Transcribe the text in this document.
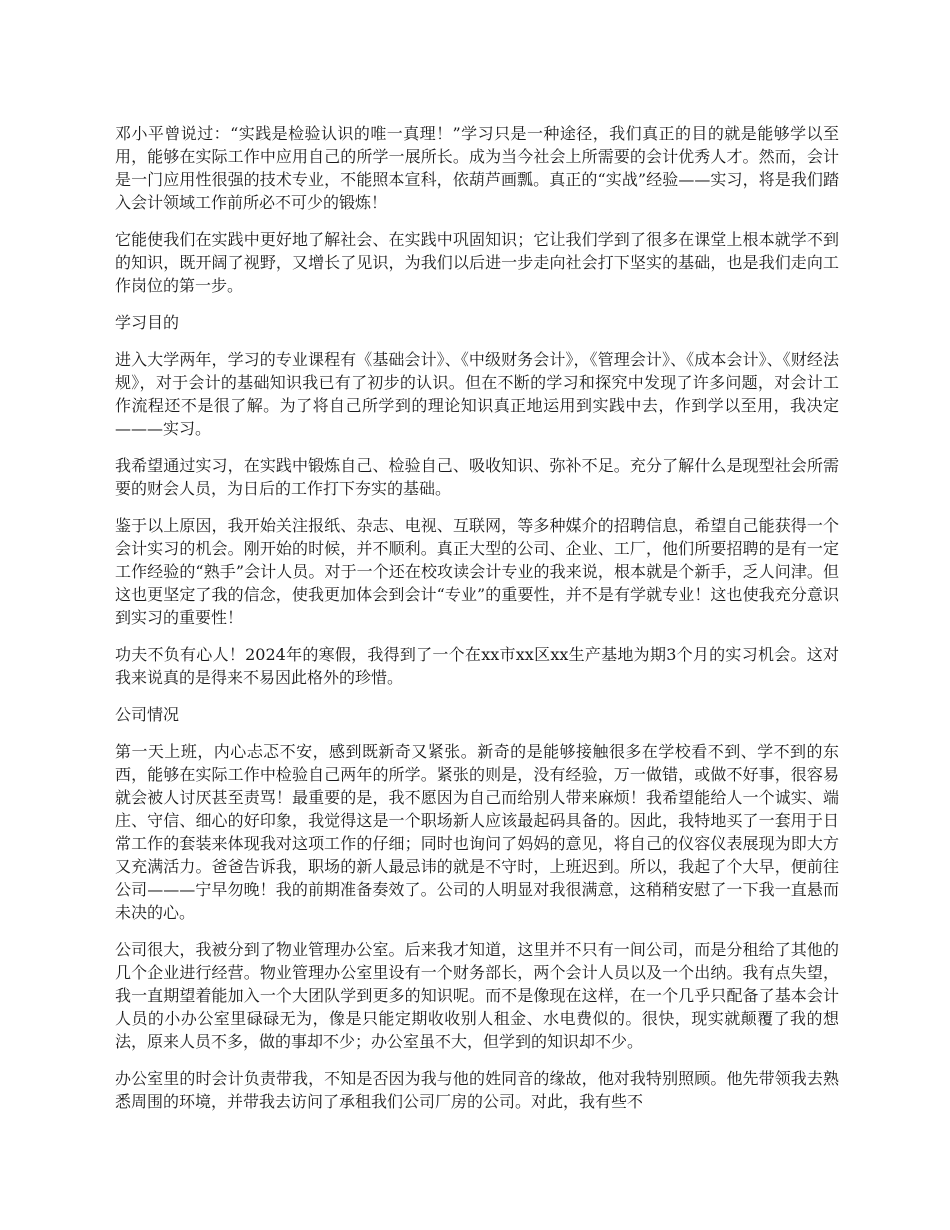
邓小平曾说过：“实践是检验认识的唯一真理！”学习只是一种途径，我们真正的目的就是能够学以至用，能够在实际工作中应用自己的所学一展所长。成为当今社会上所需要的会计优秀人才。然而，会计是一门应用性很强的技术专业，不能照本宣科，依葫芦画瓢。真正的“实战”经验——实习，将是我们踏入会计领域工作前所必不可少的锻炼！

它能使我们在实践中更好地了解社会、在实践中巩固知识；它让我们学到了很多在课堂上根本就学不到的知识，既开阔了视野，又增长了见识，为我们以后进一步走向社会打下坚实的基础，也是我们走向工作岗位的第一步。

学习目的

进入大学两年，学习的专业课程有《基础会计》、《中级财务会计》，《管理会计》、《成本会计》、《财经法规》，对于会计的基础知识我已有了初步的认识。但在不断的学习和探究中发现了许多问题，对会计工作流程还不是很了解。为了将自己所学到的理论知识真正地运用到实践中去，作到学以至用，我决定———实习。

我希望通过实习，在实践中锻炼自己、检验自己、吸收知识、弥补不足。充分了解什么是现型社会所需要的财会人员，为日后的工作打下夯实的基础。

鉴于以上原因，我开始关注报纸、杂志、电视、互联网，等多种媒介的招聘信息，希望自己能获得一个会计实习的机会。刚开始的时候，并不顺利。真正大型的公司、企业、工厂，他们所要招聘的是有一定工作经验的“熟手”会计人员。对于一个还在校攻读会计专业的我来说，根本就是个新手，乏人问津。但这也更坚定了我的信念，使我更加体会到会计“专业”的重要性，并不是有学就专业！这也使我充分意识到实习的重要性！

功夫不负有心人！2024年的寒假，我得到了一个在xx市xx区xx生产基地为期3个月的实习机会。这对我来说真的是得来不易因此格外的珍惜。

公司情况

第一天上班，内心忐忑不安，感到既新奇又紧张。新奇的是能够接触很多在学校看不到、学不到的东西，能够在实际工作中检验自己两年的所学。紧张的则是，没有经验，万一做错，或做不好事，很容易就会被人讨厌甚至责骂！最重要的是，我不愿因为自己而给别人带来麻烦！我希望能给人一个诚实、端庄、守信、细心的好印象，我觉得这是一个职场新人应该最起码具备的。因此，我特地买了一套用于日常工作的套装来体现我对这项工作的仔细；同时也询问了妈妈的意见，将自己的仪容仪表展现为即大方又充满活力。爸爸告诉我，职场的新人最忌讳的就是不守时，上班迟到。所以，我起了个大早，便前往公司———宁早勿晚！我的前期准备奏效了。公司的人明显对我很满意，这稍稍安慰了一下我一直悬而未决的心。

公司很大，我被分到了物业管理办公室。后来我才知道，这里并不只有一间公司，而是分租给了其他的几个企业进行经营。物业管理办公室里设有一个财务部长，两个会计人员以及一个出纳。我有点失望，我一直期望着能加入一个大团队学到更多的知识呢。而不是像现在这样，在一个几乎只配备了基本会计人员的小办公室里碌碌无为，像是只能定期收收别人租金、水电费似的。很快，现实就颠覆了我的想法，原来人员不多，做的事却不少；办公室虽不大，但学到的知识却不少。

办公室里的时会计负责带我，不知是否因为我与他的姓同音的缘故，他对我特别照顾。他先带领我去熟悉周围的环境，并带我去访问了承租我们公司厂房的公司。对此，我有些不
